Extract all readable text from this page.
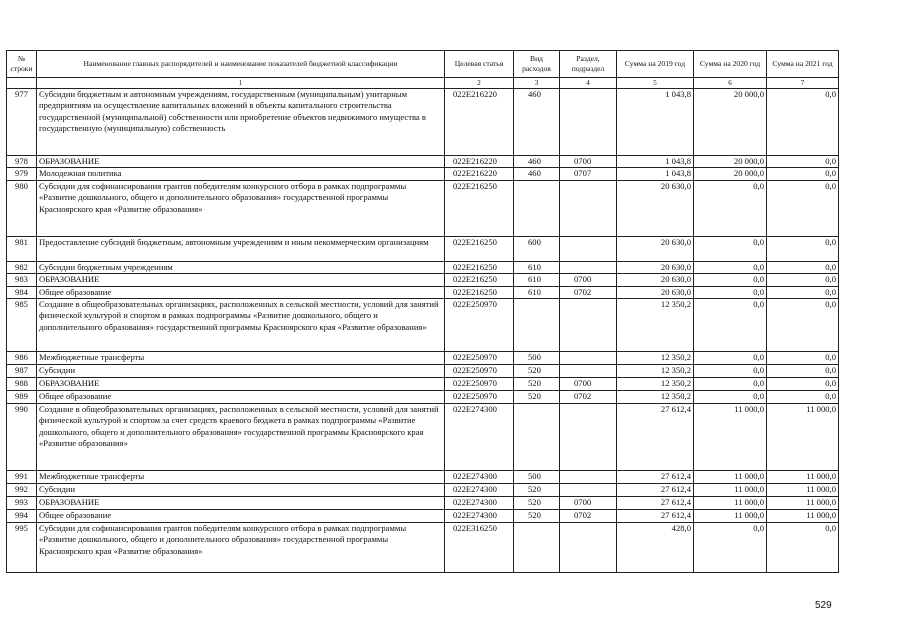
№ строки	Наименование главных распорядителей и наименование показателей бюджетной классификации	Целевая статья	Вид расходов	Раздел, подраздел	Сумма на 2019 год	Сумма на 2020 год	Сумма на 2021 год
	1	2	3	4	5	6	7
977	Субсидии бюджетным и автономным учреждениям, государственным (муниципальным) унитарным предприятиям на осуществление капитальных вложений в объекты капитального строительства государственной (муниципальной) собственности или приобретение объектов недвижимого имущества в государственную (муниципальную) собственность	022E216220	460		1 043,8	20 000,0	0,0
978	ОБРАЗОВАНИЕ	022E216220	460	0700	1 043,8	20 000,0	0,0
979	Молодежная политика	022E216220	460	0707	1 043,8	20 000,0	0,0
980	Субсидии для софинансирования грантов победителям конкурсного отбора в рамках подпрограммы «Развитие дошкольного, общего и дополнительного образования» государственной программы Красноярского края «Развитие образования»	022E216250			20 630,0	0,0	0,0
981	Предоставление субсидий бюджетным, автономным учреждениям и иным некоммерческим организациям	022E216250	600		20 630,0	0,0	0,0
982	Субсидии бюджетным учреждениям	022E216250	610		20 630,0	0,0	0,0
983	ОБРАЗОВАНИЕ	022E216250	610	0700	20 630,0	0,0	0,0
984	Общее образование	022E216250	610	0702	20 630,0	0,0	0,0
985	Создание в общеобразовательных организациях, расположенных в сельской местности, условий для занятий физической культурой и спортом в рамках подпрограммы «Развитие дошкольного, общего и дополнительного образования» государственной программы Красноярского края «Развитие образования»	022E250970			12 350,2	0,0	0,0
986	Межбюджетные трансферты	022E250970	500		12 350,2	0,0	0,0
987	Субсидии	022E250970	520		12 350,2	0,0	0,0
988	ОБРАЗОВАНИЕ	022E250970	520	0700	12 350,2	0,0	0,0
989	Общее образование	022E250970	520	0702	12 350,2	0,0	0,0
990	Создание в общеобразовательных организациях, расположенных в сельской местности, условий для занятий физической культурой и спортом за счет средств краевого бюджета в рамках подпрограммы «Развитие дошкольного, общего и дополнительного образования» государственной программы Красноярского края «Развитие образования»	022E274300			27 612,4	11 000,0	11 000,0
991	Межбюджетные трансферты	022E274300	500		27 612,4	11 000,0	11 000,0
992	Субсидии	022E274300	520		27 612,4	11 000,0	11 000,0
993	ОБРАЗОВАНИЕ	022E274300	520	0700	27 612,4	11 000,0	11 000,0
994	Общее образование	022E274300	520	0702	27 612,4	11 000,0	11 000,0
995	Субсидии для софинансирования грантов победителям конкурсного отбора в рамках подпрограммы «Развитие дошкольного, общего и дополнительного образования» государственной программы Красноярского края «Развитие образования»	022E316250			428,0	0,0	0,0
529
